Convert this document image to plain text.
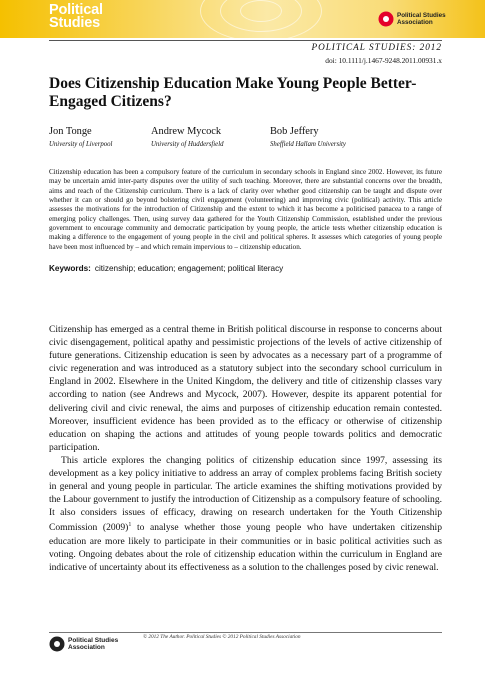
Political
Studies	Political Studies
Association
POLITICAL STUDIES: 2012
doi: 10.1111/j.1467-9248.2011.00931.x
Does Citizenship Education Make Young People Better-Engaged Citizens?
Jon Tonge
University of Liverpool
Andrew Mycock
University of Huddersfield
Bob Jeffery
Sheffield Hallam University
Citizenship education has been a compulsory feature of the curriculum in secondary schools in England since 2002. However, its future may be uncertain amid inter-party disputes over the utility of such teaching. Moreover, there are substantial concerns over the breadth, aims and reach of the Citizenship curriculum. There is a lack of clarity over whether good citizenship can be taught and dispute over whether it can or should go beyond bolstering civil engagement (volunteering) and improving civic (political) activity. This article assesses the motivations for the introduction of Citizenship and the extent to which it has become a politicised panacea to a range of emerging policy challenges. Then, using survey data gathered for the Youth Citizenship Commission, established under the previous government to encourage community and democratic participation by young people, the article tests whether citizenship education is making a difference to the engagement of young people in the civil and political spheres. It assesses which categories of young people have been most influenced by – and which remain impervious to – citizenship education.
Keywords: citizenship; education; engagement; political literacy

Citizenship has emerged as a central theme in British political discourse in response to concerns about civic disengagement, political apathy and pessimistic projections of the levels of active citizenship of future generations. Citizenship education is seen by advocates as a necessary part of a programme of civic regeneration and was introduced as a statutory subject into the secondary school curriculum in England in 2002. Elsewhere in the United Kingdom, the delivery and title of citizenship classes vary according to nation (see Andrews and Mycock, 2007). However, despite its apparent potential for delivering civil and civic renewal, the aims and purposes of citizenship education remain contested. Moreover, insufficient evidence has been provided as to the efficacy or otherwise of citizenship education on shaping the actions and attitudes of young people towards politics and democratic participation.

This article explores the changing politics of citizenship education since 1997, assessing its development as a key policy initiative to address an array of complex problems facing British society in general and young people in particular. The article examines the shifting motivations provided by the Labour government to justify the introduction of Citizenship as a compulsory feature of schooling. It also considers issues of efficacy, drawing on research undertaken for the Youth Citizenship Commission $(2009)^1$ to analyse whether those young people who have undertaken citizenship education are more likely to participate in their communities or in basic political activities such as voting. Ongoing debates about the role of citizenship education within the curriculum in England are indicative of uncertainty about its effectiveness as a solution to the challenges posed by civic renewal.

© 2012 The Author. Political Studies © 2012 Political Studies Association
Political Studies
Association
